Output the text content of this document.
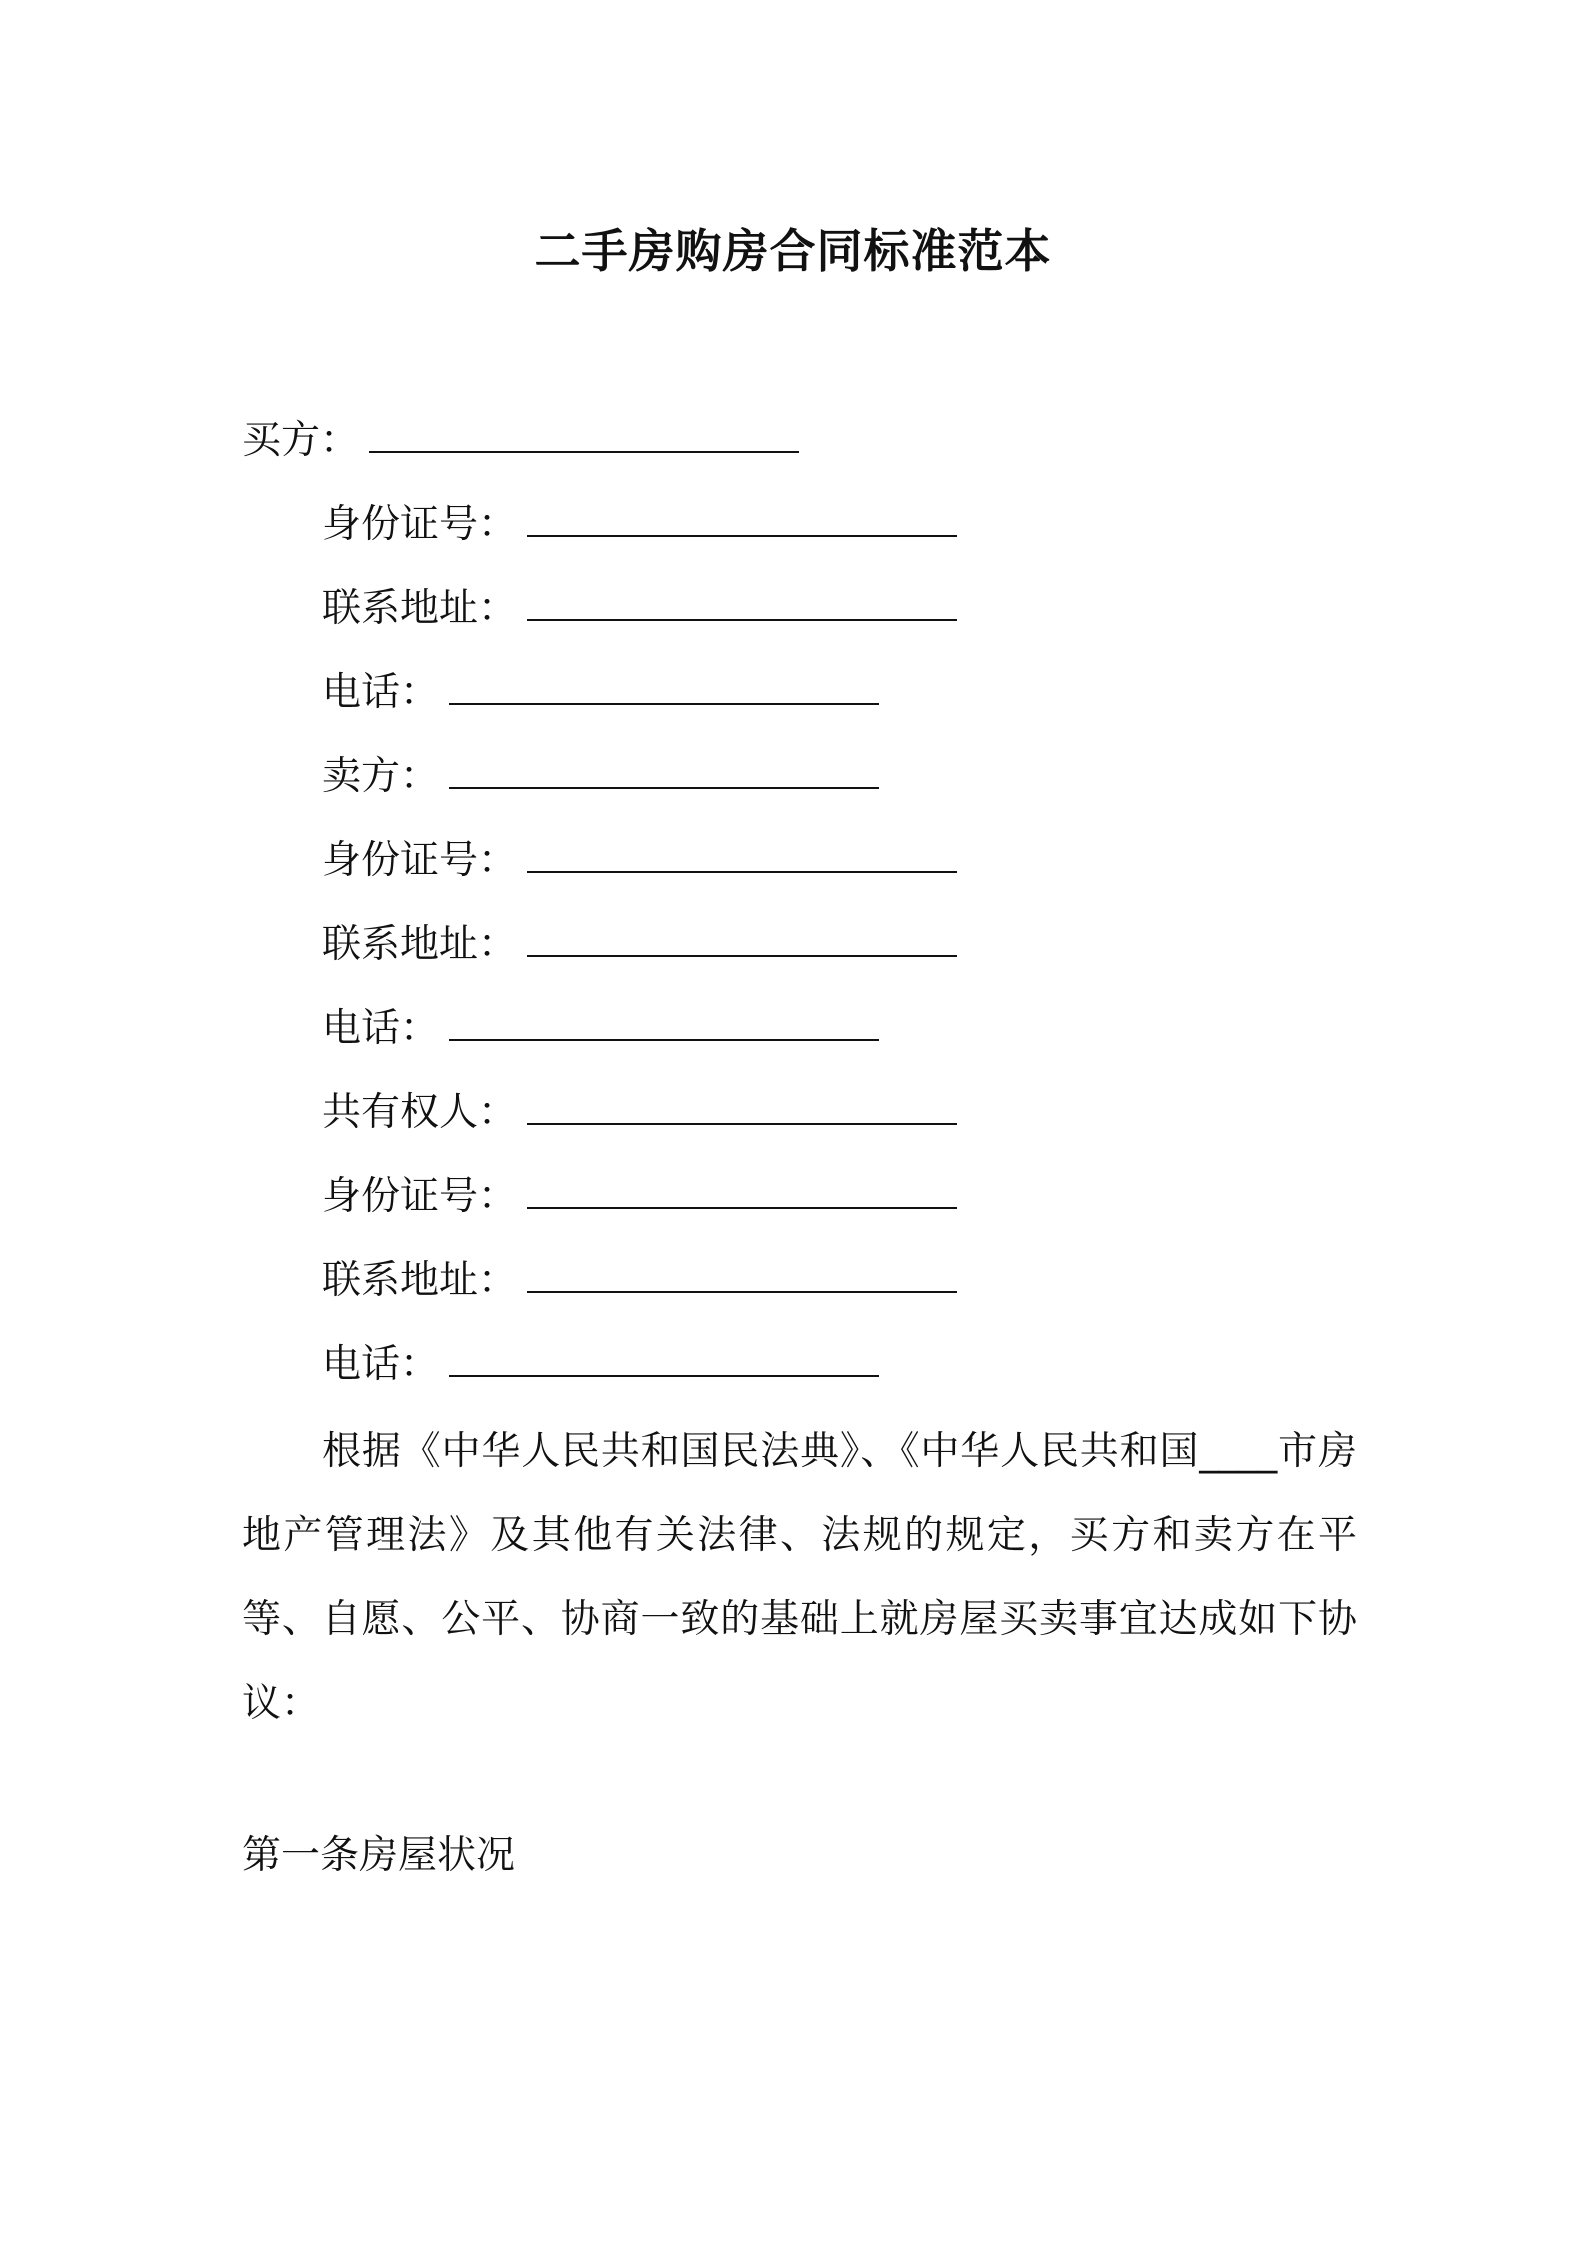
二手房购房合同标准范本
买方：
身份证号：
联系地址：
电话：
卖方：
身份证号：
联系地址：
电话：
共有权人：
身份证号：
联系地址：
电话：
根据《中华人民共和国民法典》、《中华人民共和国____市房地产管理法》及其他有关法律、法规的规定，买方和卖方在平等、自愿、公平、协商一致的基础上就房屋买卖事宜达成如下协议：
第一条房屋状况
